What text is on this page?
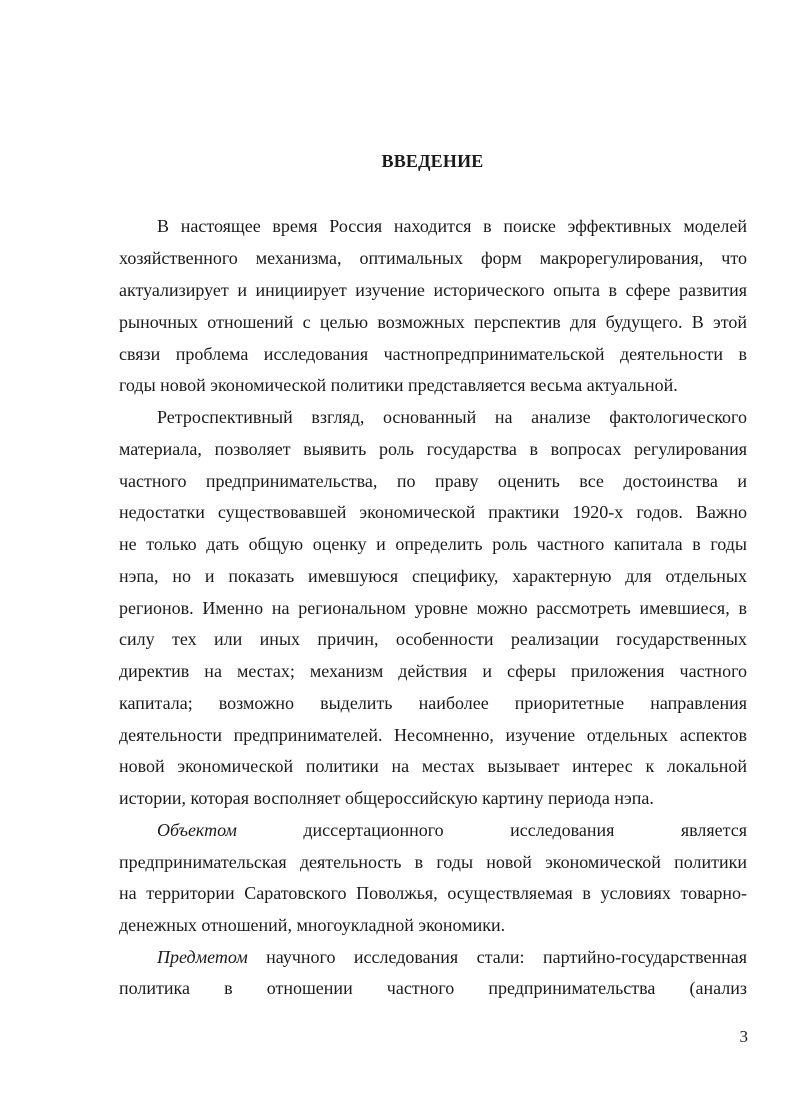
ВВЕДЕНИЕ
В настоящее время Россия находится в поиске эффективных моделей
хозяйственного механизма, оптимальных форм макрорегулирования, что
актуализирует и инициирует изучение исторического опыта в сфере развития
рыночных отношений с целью возможных перспектив для будущего. В этой
связи проблема исследования частнопредпринимательской деятельности в
годы новой экономической политики представляется весьма актуальной.
Ретроспективный взгляд, основанный на анализе фактологического
материала, позволяет выявить роль государства в вопросах регулирования
частного предпринимательства, по праву оценить все достоинства и
недостатки существовавшей экономической практики 1920-х годов. Важно
не только дать общую оценку и определить роль частного капитала в годы
нэпа, но и показать имевшуюся специфику, характерную для отдельных
регионов. Именно на региональном уровне можно рассмотреть имевшиеся, в
силу тех или иных причин, особенности реализации государственных
директив на местах; механизм действия и сферы приложения частного
капитала; возможно выделить наиболее приоритетные направления
деятельности предпринимателей. Несомненно, изучение отдельных аспектов
новой экономической политики на местах вызывает интерес к локальной
истории, которая восполняет общероссийскую картину периода нэпа.
Объектом	диссертационного исследования является
предпринимательская деятельность в годы новой экономической политики
на территории Саратовского Поволжья, осуществляемая в условиях товарно-
денежных отношений, многоукладной экономики.
Предметом научного исследования стали: партийно-государственная
политика в отношении частного предпринимательства (анализ
3
